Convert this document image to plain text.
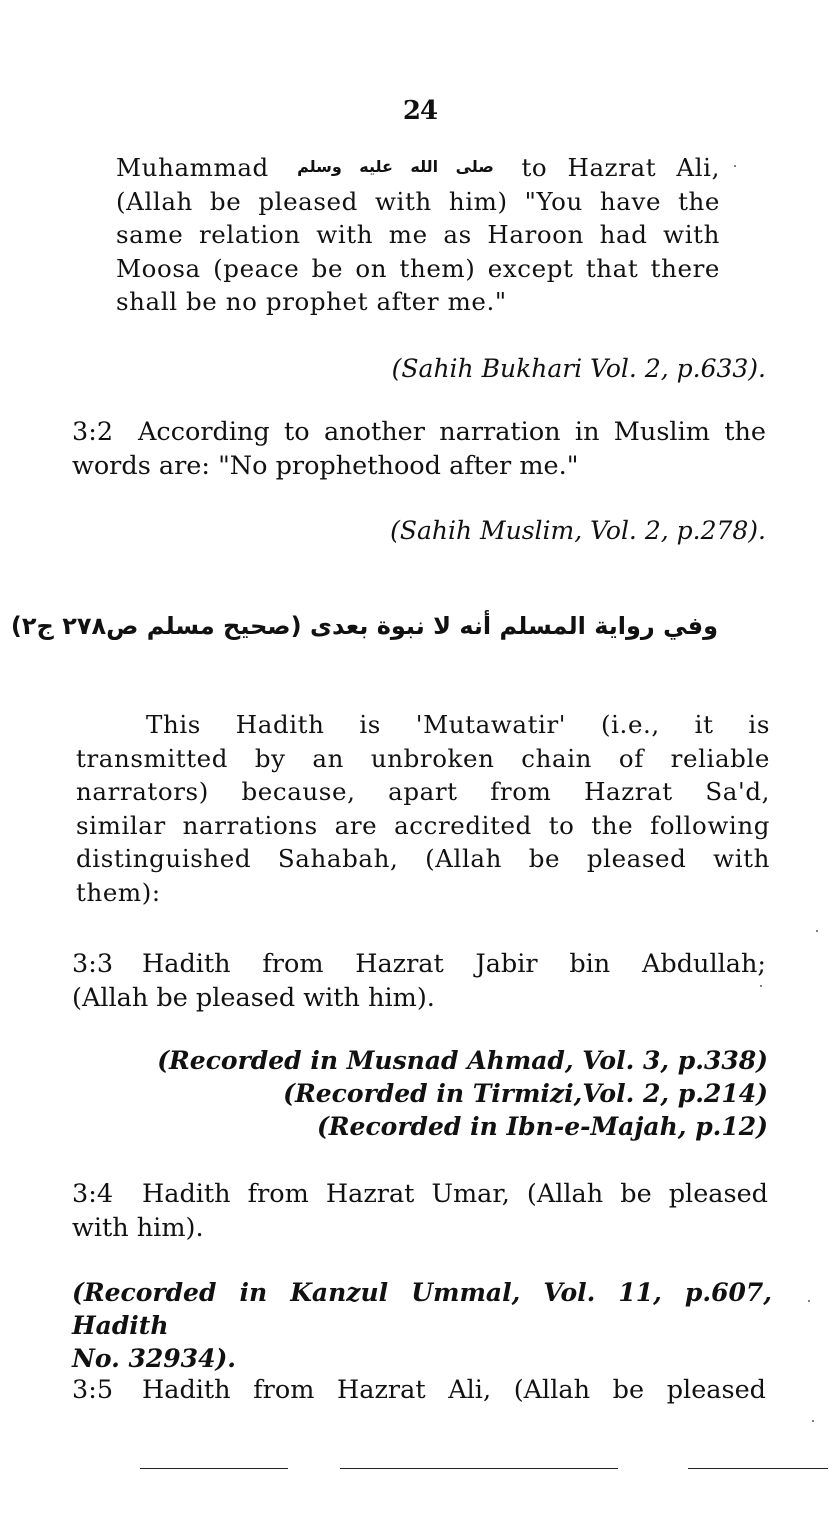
24
Muhammad صلى الله عليه وسلم to Hazrat Ali,
(Allah be pleased with him) "You have the
same relation with me as Haroon had with
Moosa (peace be on them) except that there
shall be no prophet after me."
(Sahih Bukhari Vol. 2, p.633).
3:2 According to another narration in Muslim the
words are: "No prophethood after me."
(Sahih Muslim, Vol. 2, p.278).
وفي رواية المسلم أنه لا نبوة بعدى (صحيح مسلم ص٢٧٨ ج٢)
This Hadith is 'Mutawatir' (i.e., it is
transmitted by an unbroken chain of reliable
narrators) because, apart from Hazrat Sa'd,
similar narrations are accredited to the following
distinguished Sahabah, (Allah be pleased with
them):
3:3 Hadith from Hazrat Jabir bin Abdullah;
(Allah be pleased with him).
(Recorded in Musnad Ahmad, Vol. 3, p.338)
(Recorded in Tirmizi,Vol. 2, p.214)
(Recorded in Ibn-e-Majah, p.12)
3:4 Hadith from Hazrat Umar, (Allah be pleased
with him).
(Recorded in Kanzul Ummal, Vol. 11, p.607, Hadith
No. 32934).
3:5 Hadith from Hazrat Ali, (Allah be pleased
